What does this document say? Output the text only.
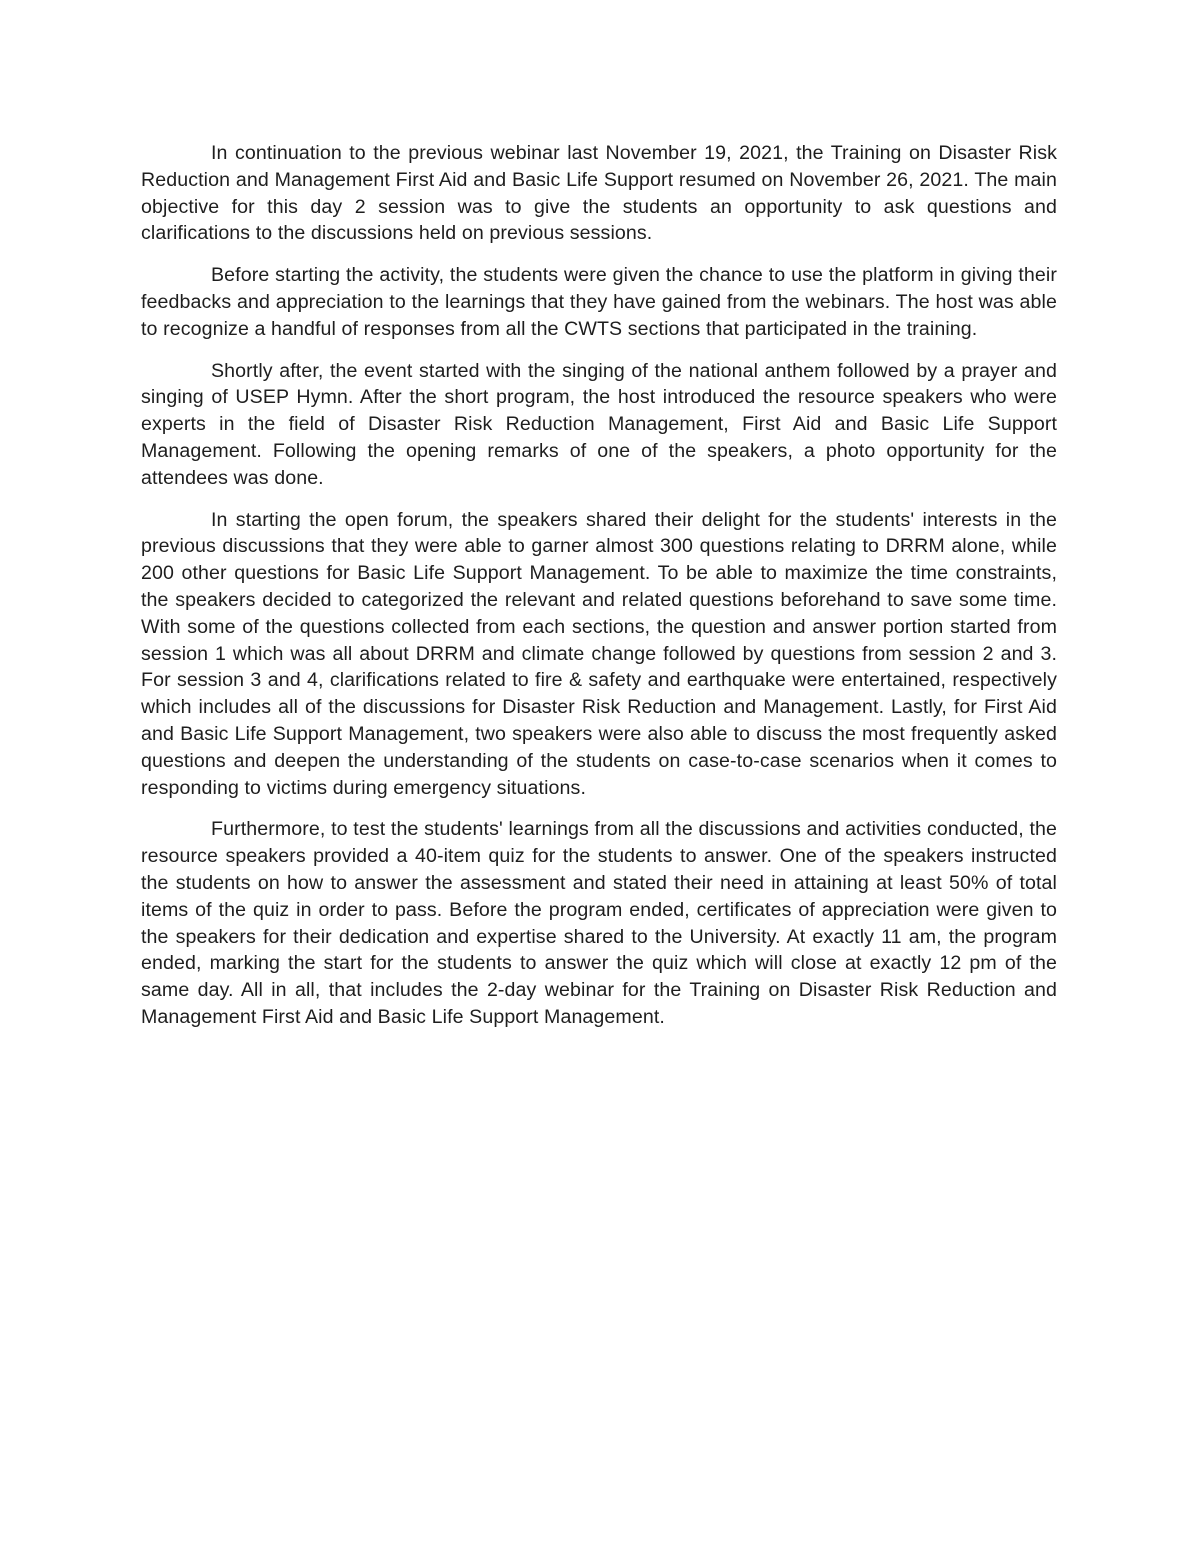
In continuation to the previous webinar last November 19, 2021, the Training on Disaster Risk Reduction and Management First Aid and Basic Life Support resumed on November 26, 2021. The main objective for this day 2 session was to give the students an opportunity to ask questions and clarifications to the discussions held on previous sessions.

Before starting the activity, the students were given the chance to use the platform in giving their feedbacks and appreciation to the learnings that they have gained from the webinars. The host was able to recognize a handful of responses from all the CWTS sections that participated in the training.

Shortly after, the event started with the singing of the national anthem followed by a prayer and singing of USEP Hymn. After the short program, the host introduced the resource speakers who were experts in the field of Disaster Risk Reduction Management, First Aid and Basic Life Support Management. Following the opening remarks of one of the speakers, a photo opportunity for the attendees was done.

In starting the open forum, the speakers shared their delight for the students' interests in the previous discussions that they were able to garner almost 300 questions relating to DRRM alone, while 200 other questions for Basic Life Support Management. To be able to maximize the time constraints, the speakers decided to categorized the relevant and related questions beforehand to save some time. With some of the questions collected from each sections, the question and answer portion started from session 1 which was all about DRRM and climate change followed by questions from session 2 and 3. For session 3 and 4, clarifications related to fire & safety and earthquake were entertained, respectively which includes all of the discussions for Disaster Risk Reduction and Management. Lastly, for First Aid and Basic Life Support Management, two speakers were also able to discuss the most frequently asked questions and deepen the understanding of the students on case-to-case scenarios when it comes to responding to victims during emergency situations.

Furthermore, to test the students' learnings from all the discussions and activities conducted, the resource speakers provided a 40-item quiz for the students to answer. One of the speakers instructed the students on how to answer the assessment and stated their need in attaining at least 50% of total items of the quiz in order to pass. Before the program ended, certificates of appreciation were given to the speakers for their dedication and expertise shared to the University. At exactly 11 am, the program ended, marking the start for the students to answer the quiz which will close at exactly 12 pm of the same day. All in all, that includes the 2-day webinar for the Training on Disaster Risk Reduction and Management First Aid and Basic Life Support Management.
